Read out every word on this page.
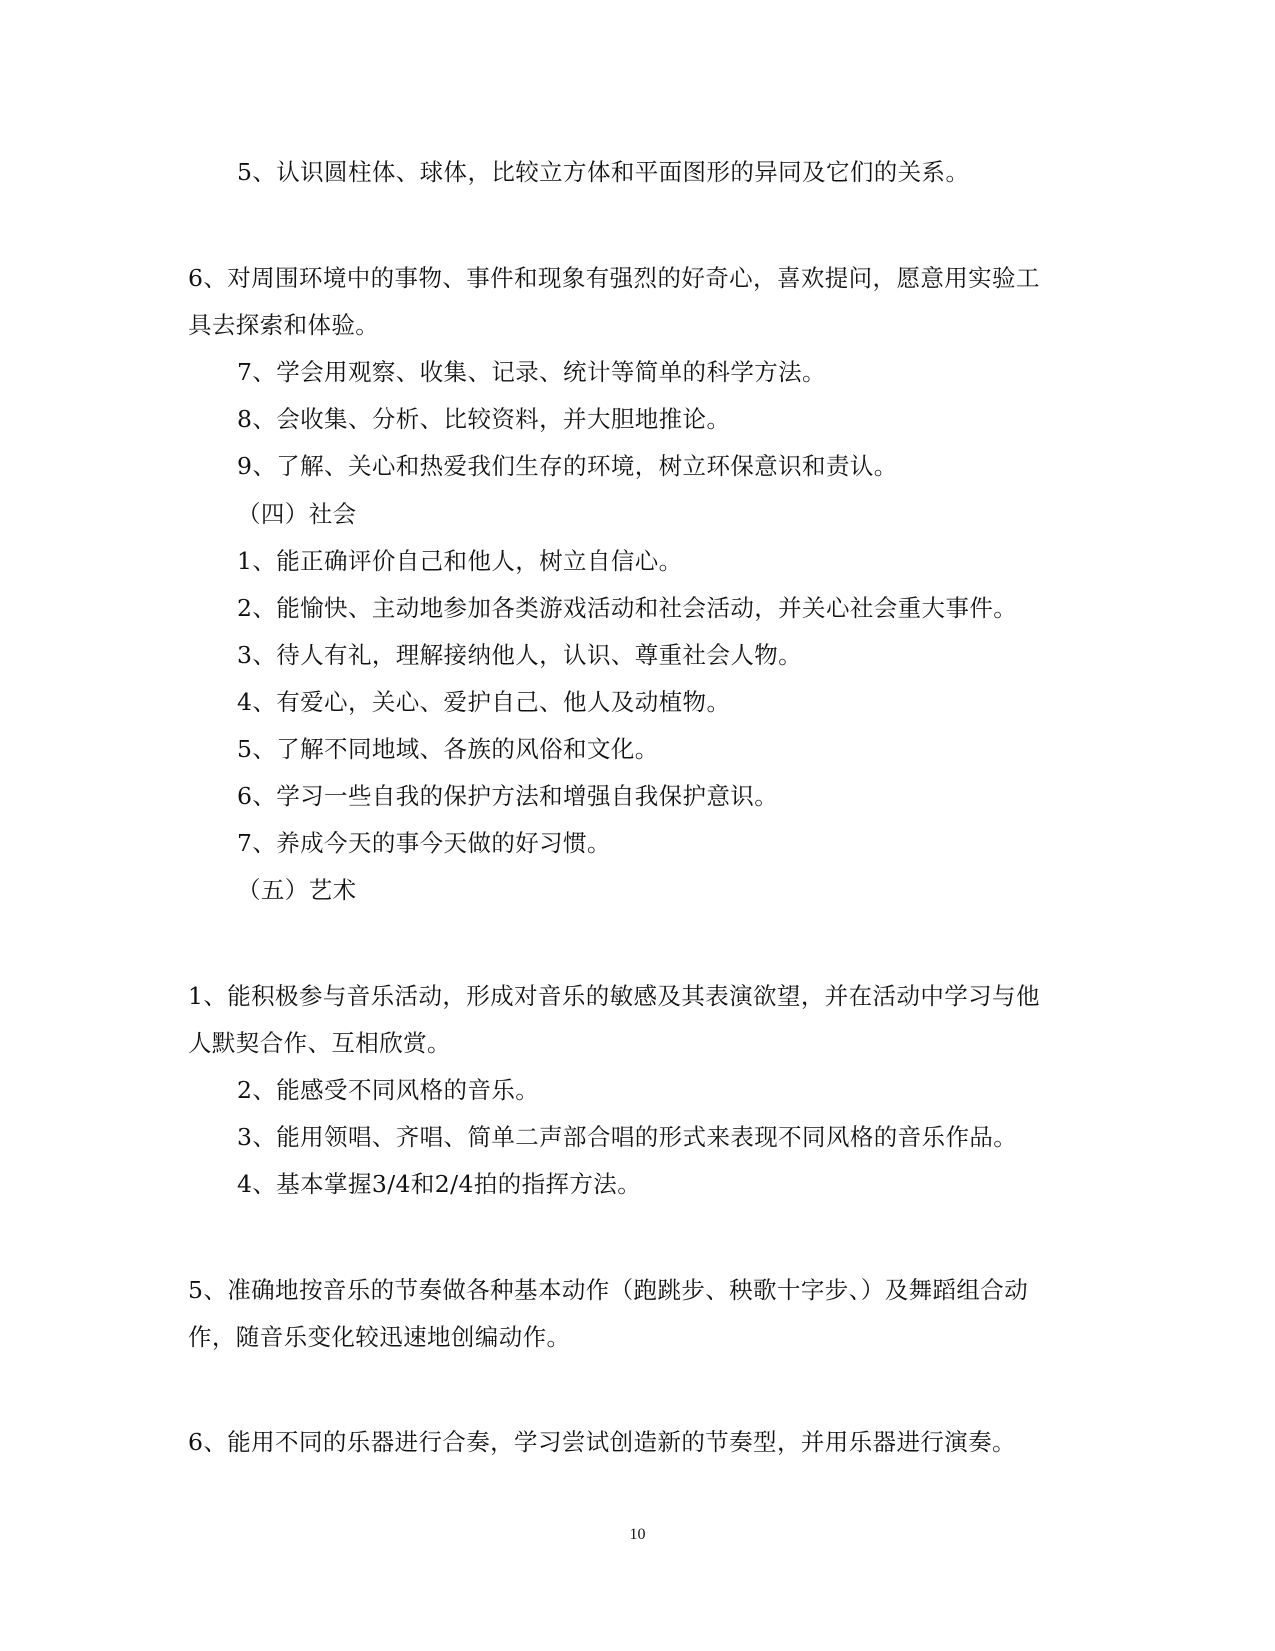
5、认识圆柱体、球体，比较立方体和平面图形的异同及它们的关系。
6、对周围环境中的事物、事件和现象有强烈的好奇心，喜欢提问，愿意用实验工
具去探索和体验。
7、学会用观察、收集、记录、统计等简单的科学方法。
8、会收集、分析、比较资料，并大胆地推论。
9、了解、关心和热爱我们生存的环境，树立环保意识和责认。
（四）社会
1、能正确评价自己和他人，树立自信心。
2、能愉快、主动地参加各类游戏活动和社会活动，并关心社会重大事件。
3、待人有礼，理解接纳他人，认识、尊重社会人物。
4、有爱心，关心、爱护自己、他人及动植物。
5、了解不同地域、各族的风俗和文化。
6、学习一些自我的保护方法和增强自我保护意识。
7、养成今天的事今天做的好习惯。
（五）艺术
1、能积极参与音乐活动，形成对音乐的敏感及其表演欲望，并在活动中学习与他
人默契合作、互相欣赏。
2、能感受不同风格的音乐。
3、能用领唱、齐唱、简单二声部合唱的形式来表现不同风格的音乐作品。
4、基本掌握3/4和2/4拍的指挥方法。
5、准确地按音乐的节奏做各种基本动作（跑跳步、秧歌十字步、）及舞蹈组合动
作，随音乐变化较迅速地创编动作。
6、能用不同的乐器进行合奏，学习尝试创造新的节奏型，并用乐器进行演奏。
10
